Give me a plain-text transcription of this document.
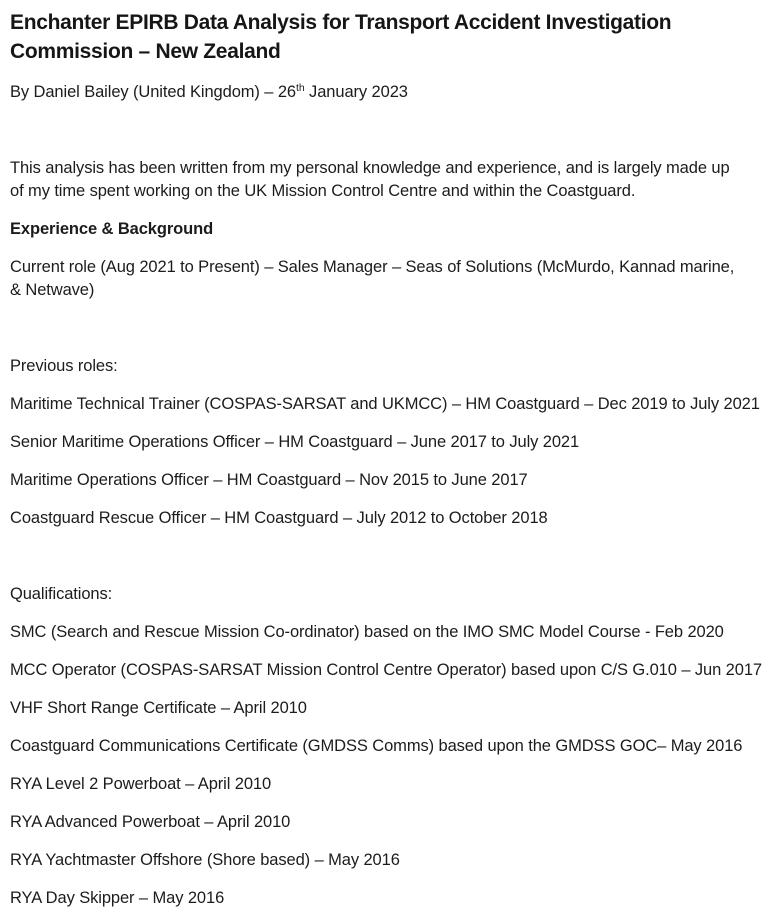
Enchanter EPIRB Data Analysis for Transport Accident Investigation
Commission – New Zealand

By Daniel Bailey (United Kingdom) – 26th January 2023

This analysis has been written from my personal knowledge and experience, and is largely made up
of my time spent working on the UK Mission Control Centre and within the Coastguard.

Experience & Background

Current role (Aug 2021 to Present) – Sales Manager – Seas of Solutions (McMurdo, Kannad marine,
& Netwave)

Previous roles:

Maritime Technical Trainer (COSPAS-SARSAT and UKMCC) – HM Coastguard – Dec 2019 to July 2021

Senior Maritime Operations Officer – HM Coastguard – June 2017 to July 2021

Maritime Operations Officer – HM Coastguard – Nov 2015 to June 2017

Coastguard Rescue Officer – HM Coastguard – July 2012 to October 2018

Qualifications:

SMC (Search and Rescue Mission Co-ordinator) based on the IMO SMC Model Course - Feb 2020

MCC Operator (COSPAS-SARSAT Mission Control Centre Operator) based upon C/S G.010 – Jun 2017

VHF Short Range Certificate – April 2010

Coastguard Communications Certificate (GMDSS Comms) based upon the GMDSS GOC– May 2016

RYA Level 2 Powerboat – April 2010

RYA Advanced Powerboat – April 2010

RYA Yachtmaster Offshore (Shore based) – May 2016

RYA Day Skipper – May 2016
